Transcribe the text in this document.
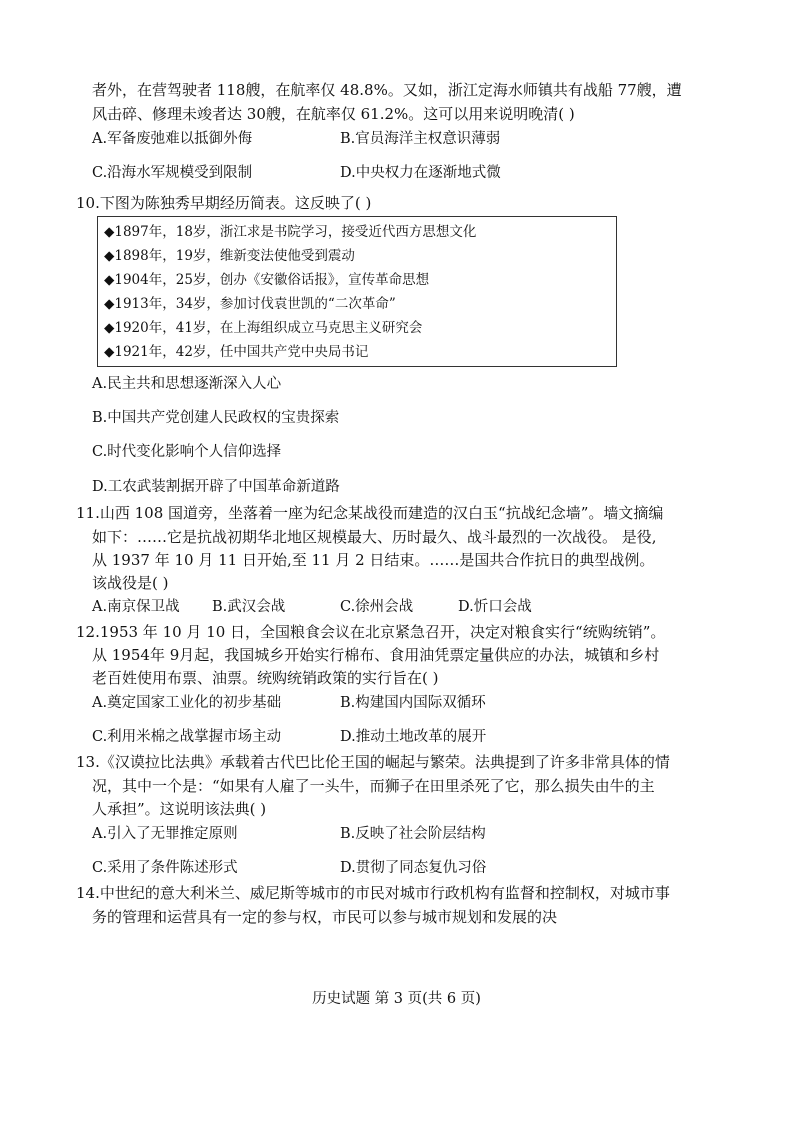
者外，在营驾驶者 118艘，在航率仅 48.8%。又如，浙江定海水师镇共有战船 77艘，遭
风击碎、修理未竣者达 30艘，在航率仅 61.2%。这可以用来说明晚清( )
A.军备废弛难以抵御外侮	B.官员海洋主权意识薄弱
C.沿海水军规模受到限制	D.中央权力在逐渐地式微
10.下图为陈独秀早期经历简表。这反映了( )
◆1897年，18岁，浙江求是书院学习，接受近代西方思想文化
◆1898年，19岁，维新变法使他受到震动
◆1904年，25岁，创办《安徽俗话报》，宣传革命思想
◆1913年，34岁，参加讨伐袁世凯的“二次革命”
◆1920年，41岁，在上海组织成立马克思主义研究会
◆1921年，42岁，任中国共产党中央局书记
A.民主共和思想逐渐深入人心
B.中国共产党创建人民政权的宝贵探索
C.时代变化影响个人信仰选择
D.工农武装割据开辟了中国革命新道路
11.山西 108 国道旁，坐落着一座为纪念某战役而建造的汉白玉“抗战纪念墙”。墙文摘编
如下：……它是抗战初期华北地区规模最大、历时最久、战斗最烈的一次战役。 是役,
从 1937 年 10 月 11 日开始,至 11 月 2 日结束。……是国共合作抗日的典型战例。
该战役是( )
A.南京保卫战 B.武汉会战	C.徐州会战	D.忻口会战
12.1953 年 10 月 10 日，全国粮食会议在北京紧急召开，决定对粮食实行“统购统销”。
从 1954年 9月起，我国城乡开始实行棉布、食用油凭票定量供应的办法，城镇和乡村
老百姓使用布票、油票。统购统销政策的实行旨在( )
A.奠定国家工业化的初步基础	B.构建国内国际双循环
C.利用米棉之战掌握市场主动	D.推动土地改革的展开
13.《汉谟拉比法典》承载着古代巴比伦王国的崛起与繁荣。法典提到了许多非常具体的情
况，其中一个是：“如果有人雇了一头牛，而狮子在田里杀死了它，那么损失由牛的主
人承担”。这说明该法典( )
A.引入了无罪推定原则	B.反映了社会阶层结构
C.采用了条件陈述形式	D.贯彻了同态复仇习俗
14.中世纪的意大利米兰、威尼斯等城市的市民对城市行政机构有监督和控制权，对城市事
务的管理和运营具有一定的参与权，市民可以参与城市规划和发展的决
历史试题 第 3 页(共 6 页)
